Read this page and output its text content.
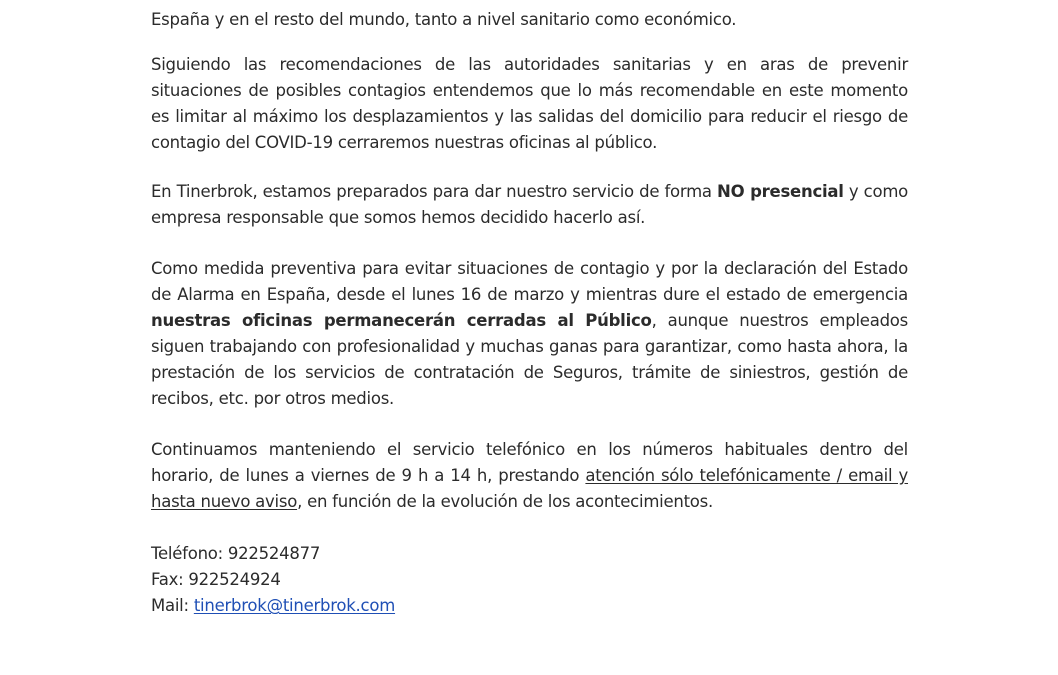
España y en el resto del mundo, tanto a nivel sanitario como económico.

Siguiendo las recomendaciones de las autoridades sanitarias y en aras de prevenir situaciones de posibles contagios entendemos que lo más recomendable en este momento es limitar al máximo los desplazamientos y las salidas del domicilio para reducir el riesgo de contagio del COVID-19 cerraremos nuestras oficinas al público.

En Tinerbrok, estamos preparados para dar nuestro servicio de forma NO presencial y como empresa responsable que somos hemos decidido hacerlo así.

Como medida preventiva para evitar situaciones de contagio y por la declaración del Estado de Alarma en España, desde el lunes 16 de marzo y mientras dure el estado de emergencia nuestras oficinas permanecerán cerradas al Público, aunque nuestros empleados siguen trabajando con profesionalidad y muchas ganas para garantizar, como hasta ahora, la prestación de los servicios de contratación de Seguros, trámite de siniestros, gestión de recibos, etc. por otros medios.

Continuamos manteniendo el servicio telefónico en los números habituales dentro del horario, de lunes a viernes de 9 h a 14 h, prestando atención sólo telefónicamente / email y hasta nuevo aviso, en función de la evolución de los acontecimientos.

Teléfono: 922524877

Fax: 922524924

Mail: tinerbrok@tinerbrok.com
